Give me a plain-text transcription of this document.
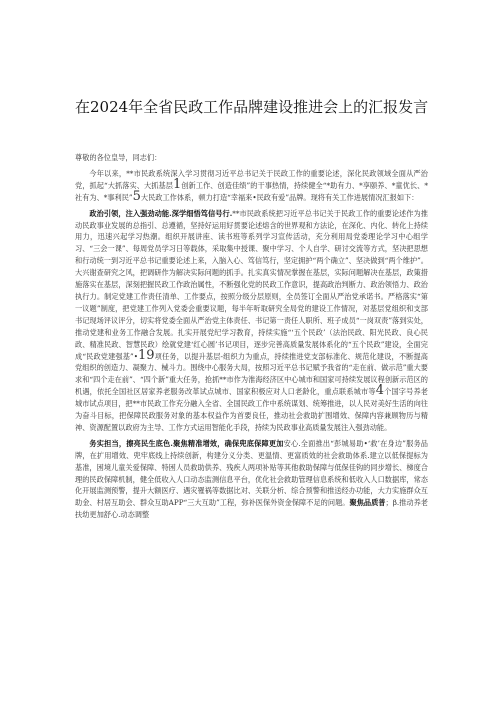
在2024年全省民政工作品牌建设推进会上的汇报发言

尊敬的各位皇导，同志们：

今年以来，**市民政系统深入学习贯彻习近平总书记关于民政工作的重要论述，深化民政领域全面从严治党，抓起“大抓落实、大抓基层1创新工作、创造佳绩”的干事热情，持续健全“*助有力、*享颐养、*童优长、*社有为、*事利民”5大民政工作体系，顿力打造“幸福来•民政有爱”品牌。现将有关工作进展情况汇报如下：

政治引领，注入强劲动能.深学细悟笃信号行.**市民政系统把习近平总书记关于民政工作的重要论述作为推动民政事业发展的总指引、总遵循，坚持好运用好贯要论述熔含的世界观和方法论，在深化、内化、转化上持续用力，迅速兴起学习热潮。组织开展讲座、读书班等系列学习宣传活动，充分利用局党委理论学习中心组学习、“三会一课”、每周党员学习日等载体，采取集中授课、聚中学习、个人自学、研讨交流等方式，坚决把思想和行动统一到习近平总书记重要论述上来，入脑入心、笃信笃行，坚定拥护“两个确立”、坚决做到“两个维护”。大兴谢查研究之风，把调研作为解决实际问题的抓手。扎实真实情况掌握在基层，实际问题解决在基层，政策措施落实在基层，深刻把握民政工作政治属性，不断强化党的民政工作意识，提高政治判断力、政治领悟力、政治执行力。制定党建工作责任清单、工作要点，按照分级分层原则，全员签订全面从严治党承诺书。严格落实“第一议题”制度，把党建工作列入党委会重要议题，每半年听取研究全局党的建设工作情况，对基层党组织和支部书记现场评议评分，切实将党委全面从严治党主体责任、书记第一责任人职所、班子成员“一岗双责”落到实处，推动党建和业务工作融合发展。扎实开展党纪学习教育，持续实施“‘五个民政’（法治民政、阳光民政、良心民政、精准民政、智慧民政）绘就党建‘红心圆’书记项目，逐步完善高质量发展体系化的“五个民政”建设，全面完成“民政党建强基”•19项任务，以提升基层-组织力为重点，持续推进党支部标准化、规范化建设，不断提高党组织的创造力、凝聚力、械斗力。围绕中心服务大局，按照习近平总书记赋予我省的“走在前、做示范”重大要求和“四个走在前”、“四个新”重大任务，抢抓**市作为淮海经济区中心城市和国家可持续发展议程创新示范区的机遇，依托全国社区居家养老服务改革试点城市、国家积极应对人口老龄化，重点联系城市等4个国字号养老城市试点项目，把**市民政工作充分融入全省、全国民政工作中系统谋划、统筹推进，以人民对美好生活的向往为奋斗目标，把保障民政服务对象的基本权益作为首要良任，推动社会救助扩围增效、保障内容兼顾物历与精神、资源配置以政府为主导、工作方式运用智能化手段，持续为民政事业高质量发展注入强劲动能。

务实担当，擦亮民生底色.聚焦精准增效，确保兜底保障更加安心.全面推出“彭城易助•‘救’在身边”服务品牌，在扩用增效、兜牢底线上持续创新，构建分义分类、更温情、更富质效的社会救助体系.建立以低保提标为基准，困境儿童关爱保障、特困人员救助供养、残疾人两项补贴等其他救助保障与低保佳钩的同步增长、梯度合理的民政保障机制，健全低收入人口动态监测信息平台，优化社会救助管理信息系统和低收入人口数据库，常态化开展监测预警，提升大额医疗、遇灾罹祸等数据比对、关联分析、综合预警和推送经办功能，大力实施群众互助金、村居互助会、群众互助APP“三大互助”工程，弥补医保外资金保障不足的问题。聚焦品质普；β.推动养老扶幼更加舒心.动态调整
